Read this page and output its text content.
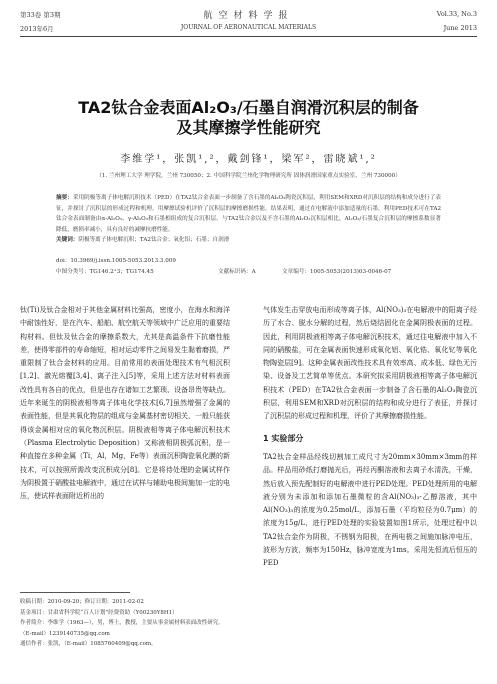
第33卷 第3期	航空材料学报	Vol.33, No.3
2013年6月	JOURNAL OF AERONAUTICAL MATERIALS	June 2013
TA2钛合金表面Al₂O₃/石墨自润滑沉积层的制备
及其摩擦学性能研究
李维学¹，张凯¹,²，戴剑锋¹，梁军²，雷晓斌¹,²
（1. 兰州理工大学 理学院，兰州 730050；2. 中国科学院兰州化学物理研究所 固体润滑国家重点实验室，兰州 730000）

摘要：采用阴极等离子体电解沉积技术（PED）在TA2钛合金表面一步制备了含石墨的Al₂O₃陶瓷沉积层，利用SEM和XRD对沉积层的结构和成分进行了表征，并探讨了沉积层的形成过程和机理。用摩擦试验机评价了沉积层的摩擦磨损性能。结果表明，通过在电解液中添加适量的石墨，利用PED技术可在TA2钛合金表面制备由α-Al₂O₃、γ-Al₂O₃和石墨相组成的复合沉积层。与TA2钛合金以及不含石墨的Al₂O₃沉积层相比，Al₂O₃/石墨复合沉积层的摩擦系数显著降低，磨损率减小，具有良好的减摩抗磨性能。

关键词：阴极等离子体电解沉积；TA2钛合金；氧化铝；石墨；自润滑

doi：10.3969/j.issn.1005-5053.2013.3.009
中图分类号：TG146.2⁺3；TG174.45	文献标识码：A	文章编号：1005-5053(2013)03-0046-07

钛(Ti)及钛合金相对于其他金属材料比强高，密度小，在海水和海洋中耐蚀性好，是在汽车、船舶、航空航天等领域中广泛应用的重要结构材料。但钛及钛合金的摩擦系数大，尤其是高温条件下抗磨性能差，使得零部件的寿命缩短，相对运动零件之间易发生黏着磨损，严重限制了钛合金材料的应用。目前常用的表面处理技术有气相沉积[1,2]、激光熔覆[3,4]、离子注入[5]等，采用上述方法对材料表面改性具有各自的优点，但是也存在诸如工艺繁琐、设备昂贵等缺点。近年来诞生的阴极液相等离子体电化学技术[6,7]虽然增强了金属的表面性能，但是其氧化物层的组成与金属基材密切相关，一般只能获得该金属相对应的氧化物沉积层。阴极液相等离子体电解沉积技术（Plasma Electrolytic Deposition）又称液相阴极弧沉积，是一种直接在多种金属（Ti，Al，Mg，Fe等）表面沉积陶瓷氧化膜的新技术，可以按照所需改变沉积成分[8]。它是将待处理的金属试样作为阴极置于硝酸盐电解液中，通过在试样与辅助电极间施加一定的电压，使试样表面附近析出的

气体发生击穿放电而形成等离子体，Al(NO₃)₃在电解液中的阳离子经历了水合、脱水分解的过程，然后烧结固化在金属阴极表面的过程。因此，利用阴极液相等离子体电解沉积技术，通过往电解液中加入不同的硝酸盐，可在金属表面快速形成氧化铝、氧化锆、氧化钇等氧化物陶瓷层[9]。这种金属表面改性技术具有效率高、成本低、绿色无污染、设备及工艺简单等优点。本研究拟采用阴极液相等离子体电解沉积技术（PED）在TA2钛合金表面一步制备了含石墨的Al₂O₃陶瓷沉积层，利用SEM和XRD对沉积层的结构和成分进行了表征，并探讨了沉积层的形成过程和机理，评价了其摩擦磨损性能。

1 实验部分

TA2钛合金样品经线切割加工成尺寸为20mm×30mm×3mm的样品。样品用砂纸打磨抛光后，再经丙酮溶液和去离子水清洗，干燥，然后放入预先配制好的电解液中进行PED处理。PED处理所用的电解液分别为未添加和添加石墨微粒的含Al(NO₃)₃-乙醇溶液，其中Al(NO₃)₃的浓度为0.25mol/L，添加石墨（平均粒径为0.7μm）的浓度为15g/L，进行PED处理的实验装置如图1所示，处理过程中以TA2钛合金作为阴极，不锈钢为阳极，在两电极之间施加脉冲电压，波形为方波，频率为150Hz，脉冲宽度为1ms。采用先恒流后恒压的PED

收稿日期：2010-09-20；修订日期：2011-02-02

基金项目：甘肃省科学院“百人计划”经费资助（Y00230Y8H1）

作者简介：李维学（1963—），男，博士，教授，主要从事金属材料表面改性研究。（E-mail）1239140735@qq.com

通信作者：张凯，（E-mail）1085760409@qq.com。
